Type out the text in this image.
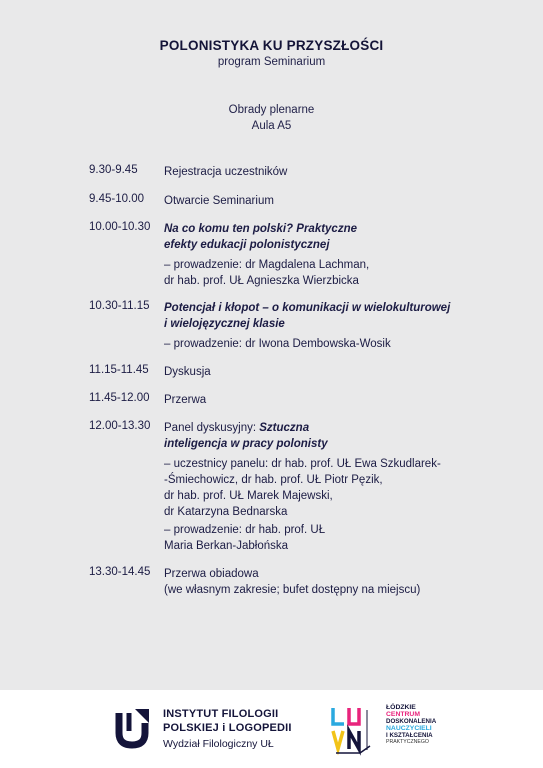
POLONISTYKA KU PRZYSZŁOŚCI
program Seminarium
Obrady plenarne
Aula A5
9.30-9.45	Rejestracja uczestników
9.45-10.00	Otwarcie Seminarium
10.00-10.30	Na co komu ten polski? Praktyczne
efekty edukacji polonistycznej
– prowadzenie: dr Magdalena Lachman,
dr hab. prof. UŁ Agnieszka Wierzbicka
10.30-11.15	Potencjał i kłopot – o komunikacji w wielokulturowej
i wielojęzycznej klasie
– prowadzenie: dr Iwona Dembowska-Wosik
11.15-11.45	Dyskusja
11.45-12.00	Przerwa
12.00-13.30	Panel dyskusyjny: Sztuczna
inteligencja w pracy polonisty
– uczestnicy panelu: dr hab. prof. UŁ Ewa Szkudlarek-
-Śmiechowicz, dr hab. prof. UŁ Piotr Pęzik,
dr hab. prof. UŁ Marek Majewski,
dr Katarzyna Bednarska
– prowadzenie: dr hab. prof. UŁ
Maria Berkan-Jabłońska
13.30-14.45	Przerwa obiadowa
(we własnym zakresie; bufet dostępny na miejscu)
INSTYTUT FILOLOGII
POLSKIEJ i LOGOPEDII
Wydział Filologiczny UŁ
ŁÓDZKIE
CENTRUM
DOSKONALENIA
NAUCZYCIELI
I KSZTAŁCENIA
PRAKTYCZNEGO
